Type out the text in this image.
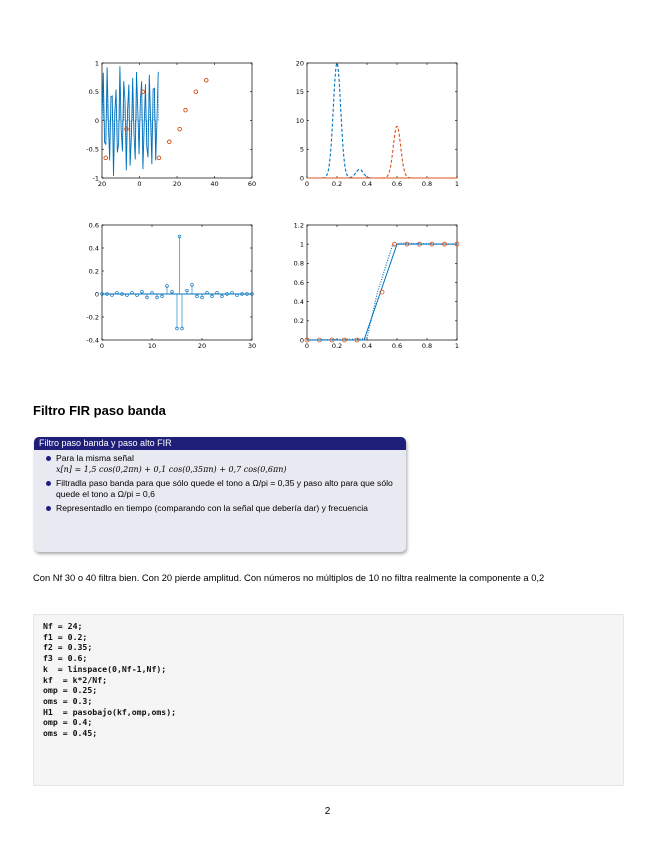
20	0	20	40	60
-1
-0.5
0
0.5
1
0	0.2	0.4	0.6	0.8	1
0
5
10
15
20
0	10	20	30
-0.4
-0.2
0
0.2
0.4
0.6
0	0.2	0.4	0.6	0.8	1
0
0.2
0.4
0.6
0.8
1
1.2
Filtro FIR paso banda
Filtro paso banda y paso alto FIR
Para la misma señal
x[n] = 1,5 cos(0,2πn) + 0,1 cos(0,35πn) + 0,7 cos(0,6πn)
Filtradla paso banda para que sólo quede el tono a Ω/pi = 0,35 y paso alto para que sólo quede el tono a Ω/pi = 0,6
Representadlo en tiempo (comparando con la señal que debería dar) y frecuencia

Con Nf 30 o 40 filtra bien. Con 20 pierde amplitud. Con números no múltiplos de 10 no filtra realmente la componente a 0,2

Nf = 24;
f1 = 0.2;
f2 = 0.35;
f3 = 0.6;
k  = linspace(0,Nf-1,Nf);
kf  = k*2/Nf;
omp = 0.25;
oms = 0.3;
H1  = pasobajo(kf,omp,oms);
omp = 0.4;
oms = 0.45;

2
